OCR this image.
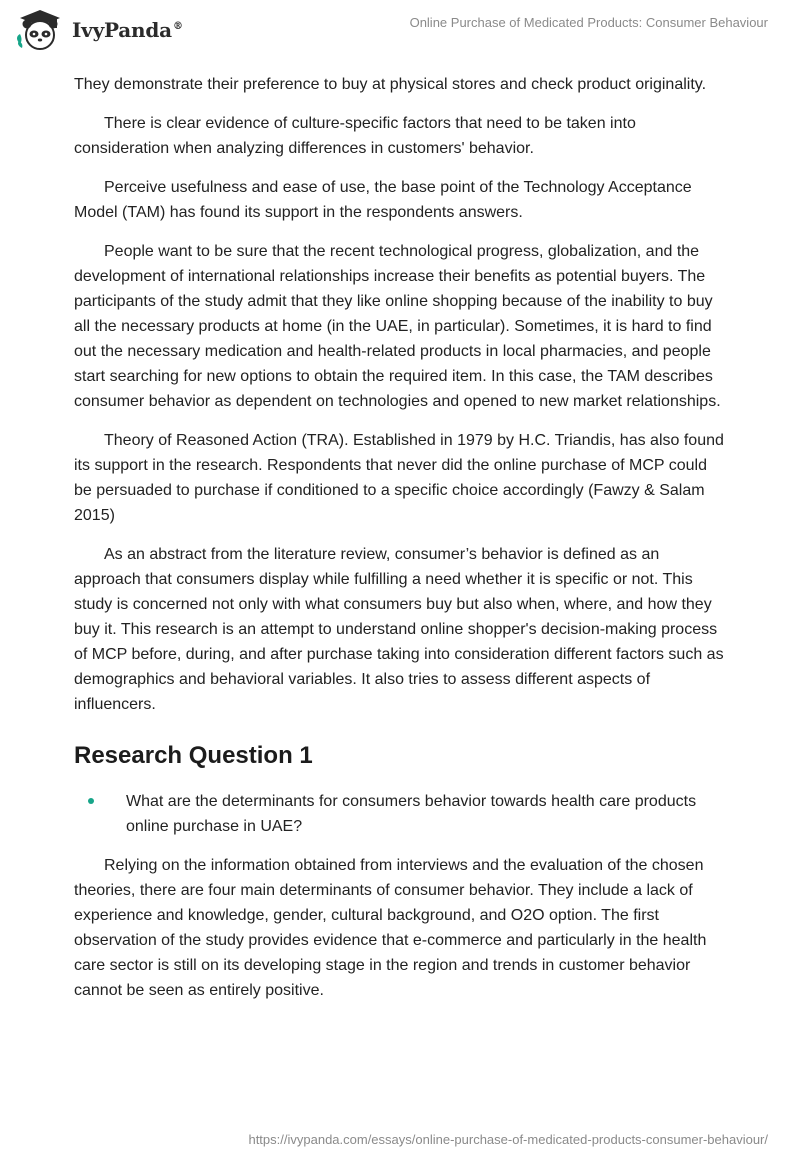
IvyPanda®	Online Purchase of Medicated Products: Consumer Behaviour

They demonstrate their preference to buy at physical stores and check product originality.

There is clear evidence of culture-specific factors that need to be taken into consideration when analyzing differences in customers' behavior.

Perceive usefulness and ease of use, the base point of the Technology Acceptance Model (TAM) has found its support in the respondents answers.

People want to be sure that the recent technological progress, globalization, and the development of international relationships increase their benefits as potential buyers. The participants of the study admit that they like online shopping because of the inability to buy all the necessary products at home (in the UAE, in particular). Sometimes, it is hard to find out the necessary medication and health-related products in local pharmacies, and people start searching for new options to obtain the required item. In this case, the TAM describes consumer behavior as dependent on technologies and opened to new market relationships.

Theory of Reasoned Action (TRA). Established in 1979 by H.C. Triandis, has also found its support in the research. Respondents that never did the online purchase of MCP could be persuaded to purchase if conditioned to a specific choice accordingly (Fawzy & Salam 2015)

As an abstract from the literature review, consumer’s behavior is defined as an approach that consumers display while fulfilling a need whether it is specific or not. This study is concerned not only with what consumers buy but also when, where, and how they buy it. This research is an attempt to understand online shopper's decision-making process of MCP before, during, and after purchase taking into consideration different factors such as demographics and behavioral variables. It also tries to assess different aspects of influencers.

Research Question 1
What are the determinants for consumers behavior towards health care products online purchase in UAE?

Relying on the information obtained from interviews and the evaluation of the chosen theories, there are four main determinants of consumer behavior. They include a lack of experience and knowledge, gender, cultural background, and O2O option. The first observation of the study provides evidence that e-commerce and particularly in the health care sector is still on its developing stage in the region and trends in customer behavior cannot be seen as entirely positive.

https://ivypanda.com/essays/online-purchase-of-medicated-products-consumer-behaviour/
